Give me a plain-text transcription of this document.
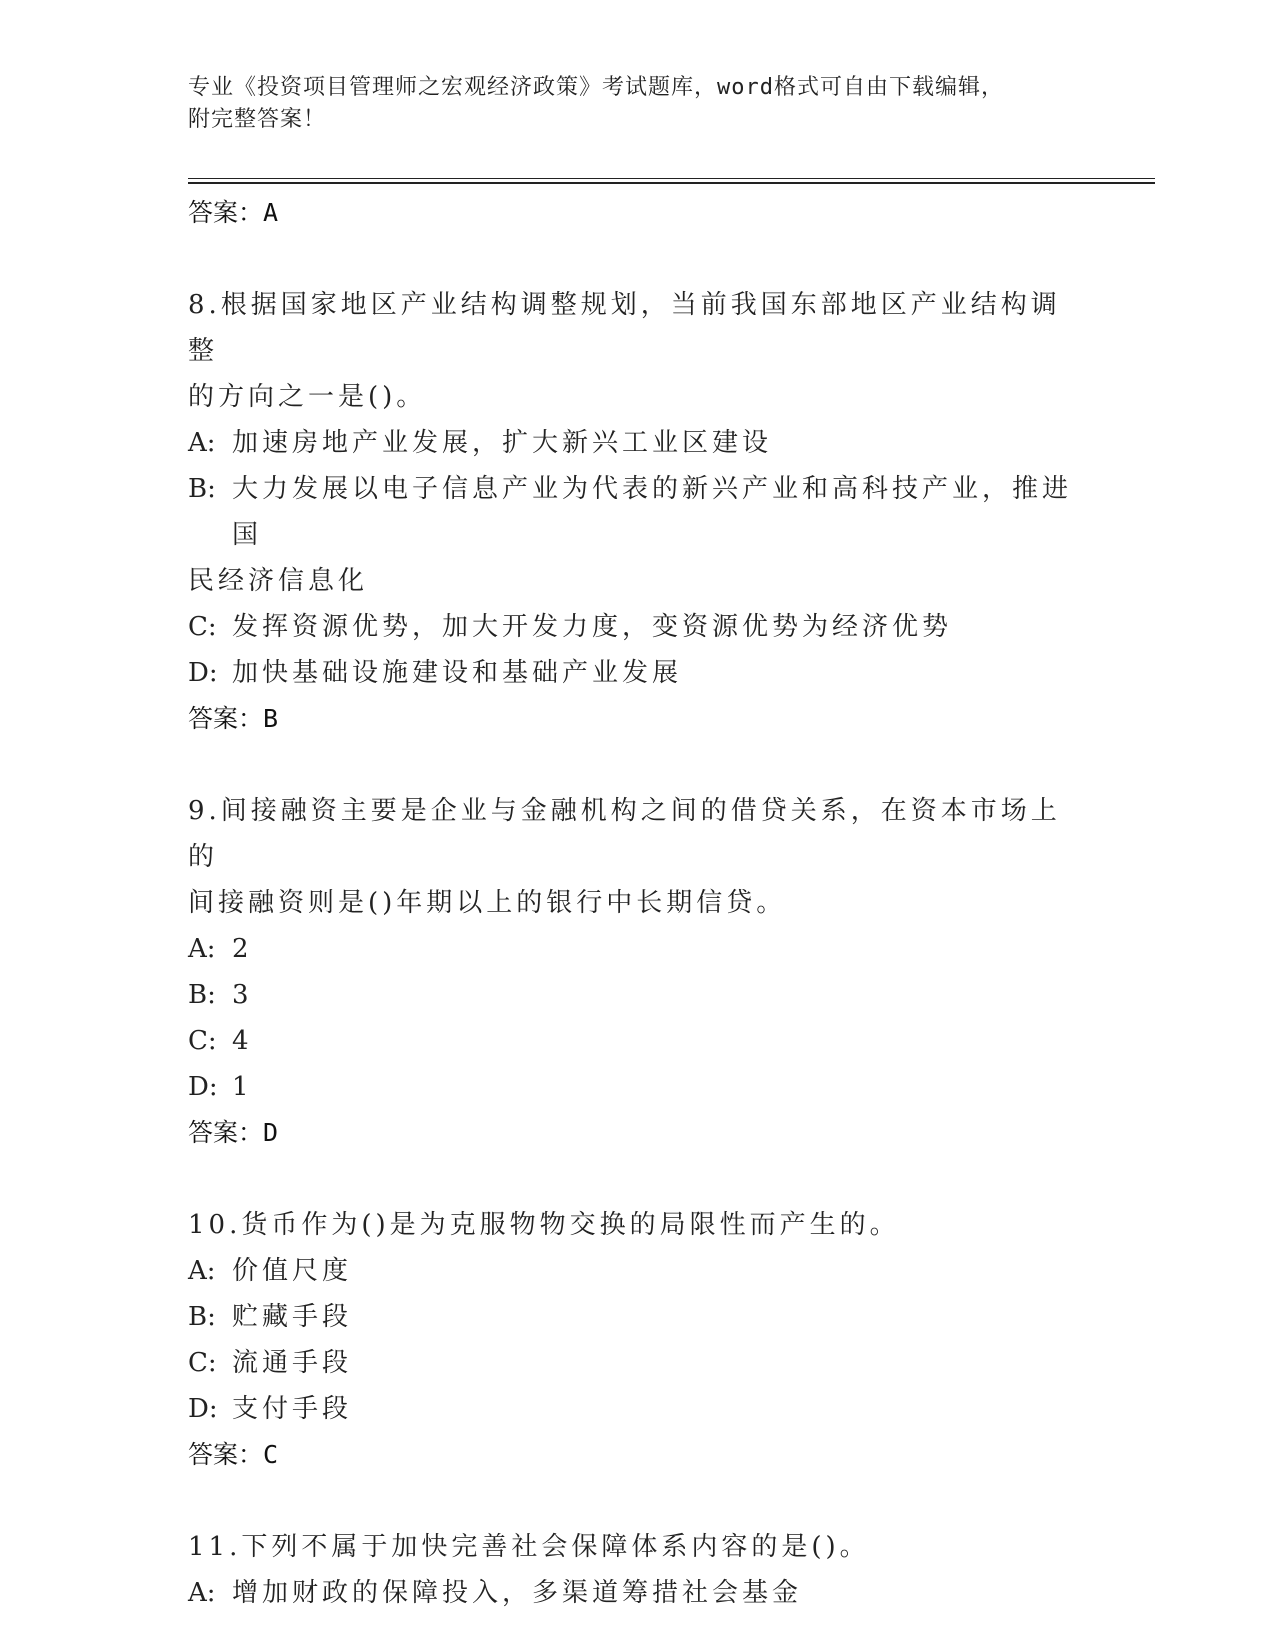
专业《投资项目管理师之宏观经济政策》考试题库，word格式可自由下载编辑，
附完整答案！
答案：A
8.根据国家地区产业结构调整规划，当前我国东部地区产业结构调整
的方向之一是()。
A: 加速房地产业发展，扩大新兴工业区建设
B: 大力发展以电子信息产业为代表的新兴产业和高科技产业，推进国
民经济信息化
C: 发挥资源优势，加大开发力度，变资源优势为经济优势
D: 加快基础设施建设和基础产业发展
答案：B
9.间接融资主要是企业与金融机构之间的借贷关系，在资本市场上的
间接融资则是()年期以上的银行中长期信贷。
A: 2
B: 3
C: 4
D: 1
答案：D
10.货币作为()是为克服物物交换的局限性而产生的。
A: 价值尺度
B: 贮藏手段
C: 流通手段
D: 支付手段
答案：C
11.下列不属于加快完善社会保障体系内容的是()。
A: 增加财政的保障投入，多渠道筹措社会基金
